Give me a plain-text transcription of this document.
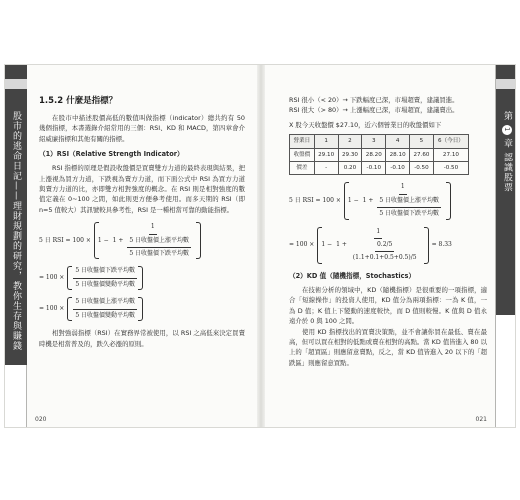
股市的逃命日記——理財規劃的研究，教你生存與賺錢
1.5.2 什麼是指標？

在股市中描述股價高低的數值叫做指標（indicator）總共約有 50 幾個指標，本書選錄介紹常用的三個：RSI、KD 和 MACD，第四章會介紹威廉指標和其他有關的指標。

（1）RSI（Relative Strength Indicator）

RSI 指標的原理是假設收盤價是買賣雙方力道的最終表現與結果，把上漲視為買方力道，下跌視為賣方力道，而下面公式中 RSI 為買方力道與賣方力道的比，亦即雙方相對強度的概念。在 RSI 則是相對強度的數值定義在 0~100 之間，如此則更方便參考使用。而多天期的 RSI（即 n=5 值較大）其訊號較具參考性，RSI 是一種相當可靠的動能指標。

5 日 RSI = 100 × 1 −
1
$1 + \frac{\text{5 日收盤價上漲平均數}}{\text{5 日收盤價下跌平均數}}$
= $100 \times \frac{\text{5 日收盤價下跌平均數}}{\text{5 日收盤價變動平均數}}$
= $100 \times \frac{\text{5 日收盤價上漲平均數}}{\text{5 日收盤價變動平均數}}$

相對強弱指標（RSI）在實務界常被使用，以 RSI 之高低來決定買賣時機是相當普及的，跌久必漲的原則。

020
第 1 章 認識股票

RSI 很小（< 20）→ 下跌幅度已深，市場超賣，建議買進。

RSI 很大（> 80）→ 上漲幅度已深，市場超買，建議賣出。

X 股今天收盤價 $27.10，近六個營業日的收盤價如下

營業日	1	2	3	4	5	6（今日）
收盤價	29.10	29.30	28.20	28.10	27.60	27.10
價差	-	0.20	-0.10	-0.10	-0.50	-0.50
5 日 RSI = 100 × 1 −
1
$1 + \frac{\text{5 日收盤價上漲平均數}}{\text{5 日收盤價下跌平均數}}$
= 100 × 1 −
1
$1 + \frac{0.2/5}{(1.1+0.1+0.5+0.5)/5} = 8.33$
（2）KD 值（隨機指標，Stochastics）

在技術分析的領域中，KD（隨機指標）是很重要的一項指標，適合「短線操作」的投資人使用，KD 值分為兩項指標：一為 K 值，一為 D 值；K 值上下變動的速度較快，而 D 值則較慢。K 值與 D 值永遠介於 0 與 100 之間。

使用 KD 指標找出的買賣決策點，並不會讓你買在最低、賣在最高，但可以買在相對的低點或賣在相對的高點。當 KD 值皆進入 80 以上的「超買區」則應留意賣點，反之，當 KD 值皆進入 20 以下的「超跌區」則應留意買點。

021
